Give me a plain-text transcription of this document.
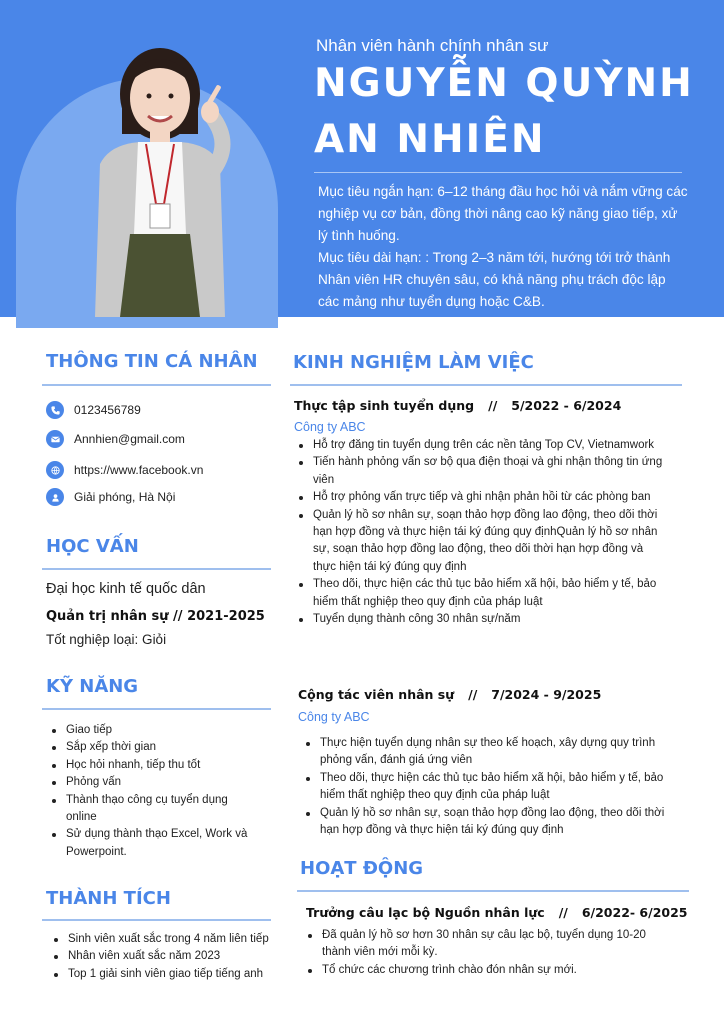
Nhân viên hành chính nhân sư
NGUYỄN QUỲNH AN NHIÊN
Mục tiêu ngắn hạn: 6–12 tháng đầu học hỏi và nắm vững các nghiệp vụ cơ bản, đồng thời nâng cao kỹ năng giao tiếp, xử lý tình huống.
Mục tiêu dài hạn: : Trong 2–3 năm tới, hướng tới trở thành Nhân viên HR chuyên sâu, có khả năng phụ trách độc lập các mảng như tuyển dụng hoặc C&B.
THÔNG TIN CÁ NHÂN
0123456789
Annhien@gmail.com
https://www.facebook.vn
Giải phóng, Hà Nội
HỌC VẤN
Đại học kinh tế quốc dân
Quản trị nhân sự // 2021-2025
Tốt nghiệp loại: Giỏi
KỸ NĂNG
Giao tiếp
Sắp xếp thời gian
Học hỏi nhanh, tiếp thu tốt
Phỏng vấn
Thành thạo công cụ tuyển dụng online
Sử dụng thành thạo Excel, Work và Powerpoint.
THÀNH TÍCH
Sinh viên xuất sắc trong 4 năm liên tiếp
Nhân viên xuất sắc năm 2023
Top 1 giải sinh viên giao tiếp tiếng anh
KINH NGHIỆM LÀM VIỆC
Thực tập sinh tuyển dụng // 5/2022 - 6/2024
Công ty ABC
Hỗ trợ đăng tin tuyển dụng trên các nền tảng Top CV, Vietnamwork
Tiến hành phỏng vấn sơ bộ qua điện thoại và ghi nhận thông tin ứng viên
Hỗ trợ phỏng vấn trực tiếp và ghi nhận phản hồi từ các phòng ban
Quản lý hồ sơ nhân sự, soạn thảo hợp đồng lao động, theo dõi thời hạn hợp đồng và thực hiện tái ký đúng quy địnhQuản lý hồ sơ nhân sự, soạn thảo hợp đồng lao động, theo dõi thời hạn hợp đồng và thực hiện tái ký đúng quy định
Theo dõi, thực hiện các thủ tục bảo hiểm xã hội, bảo hiểm y tế, bảo hiểm thất nghiệp theo quy định của pháp luật
Tuyển dụng thành công 30 nhân sự/năm
Cộng tác viên nhân sự // 7/2024 - 9/2025
Công ty ABC
Thực hiện tuyển dụng nhân sự theo kế hoạch, xây dựng quy trình phỏng vấn, đánh giá ứng viên
Theo dõi, thực hiện các thủ tục bảo hiểm xã hội, bảo hiểm y tế, bảo hiểm thất nghiệp theo quy định của pháp luật
Quản lý hồ sơ nhân sự, soạn thảo hợp đồng lao động, theo dõi thời hạn hợp đồng và thực hiện tái ký đúng quy định
HOẠT ĐỘNG
Trưởng câu lạc bộ Nguồn nhân lực // 6/2022- 6/2025
Đã quản lý hồ sơ hơn 30 nhân sự câu lạc bộ, tuyển dụng 10-20 thành viên mới mỗi kỳ.
Tổ chức các chương trình chào đón nhân sự mới.
